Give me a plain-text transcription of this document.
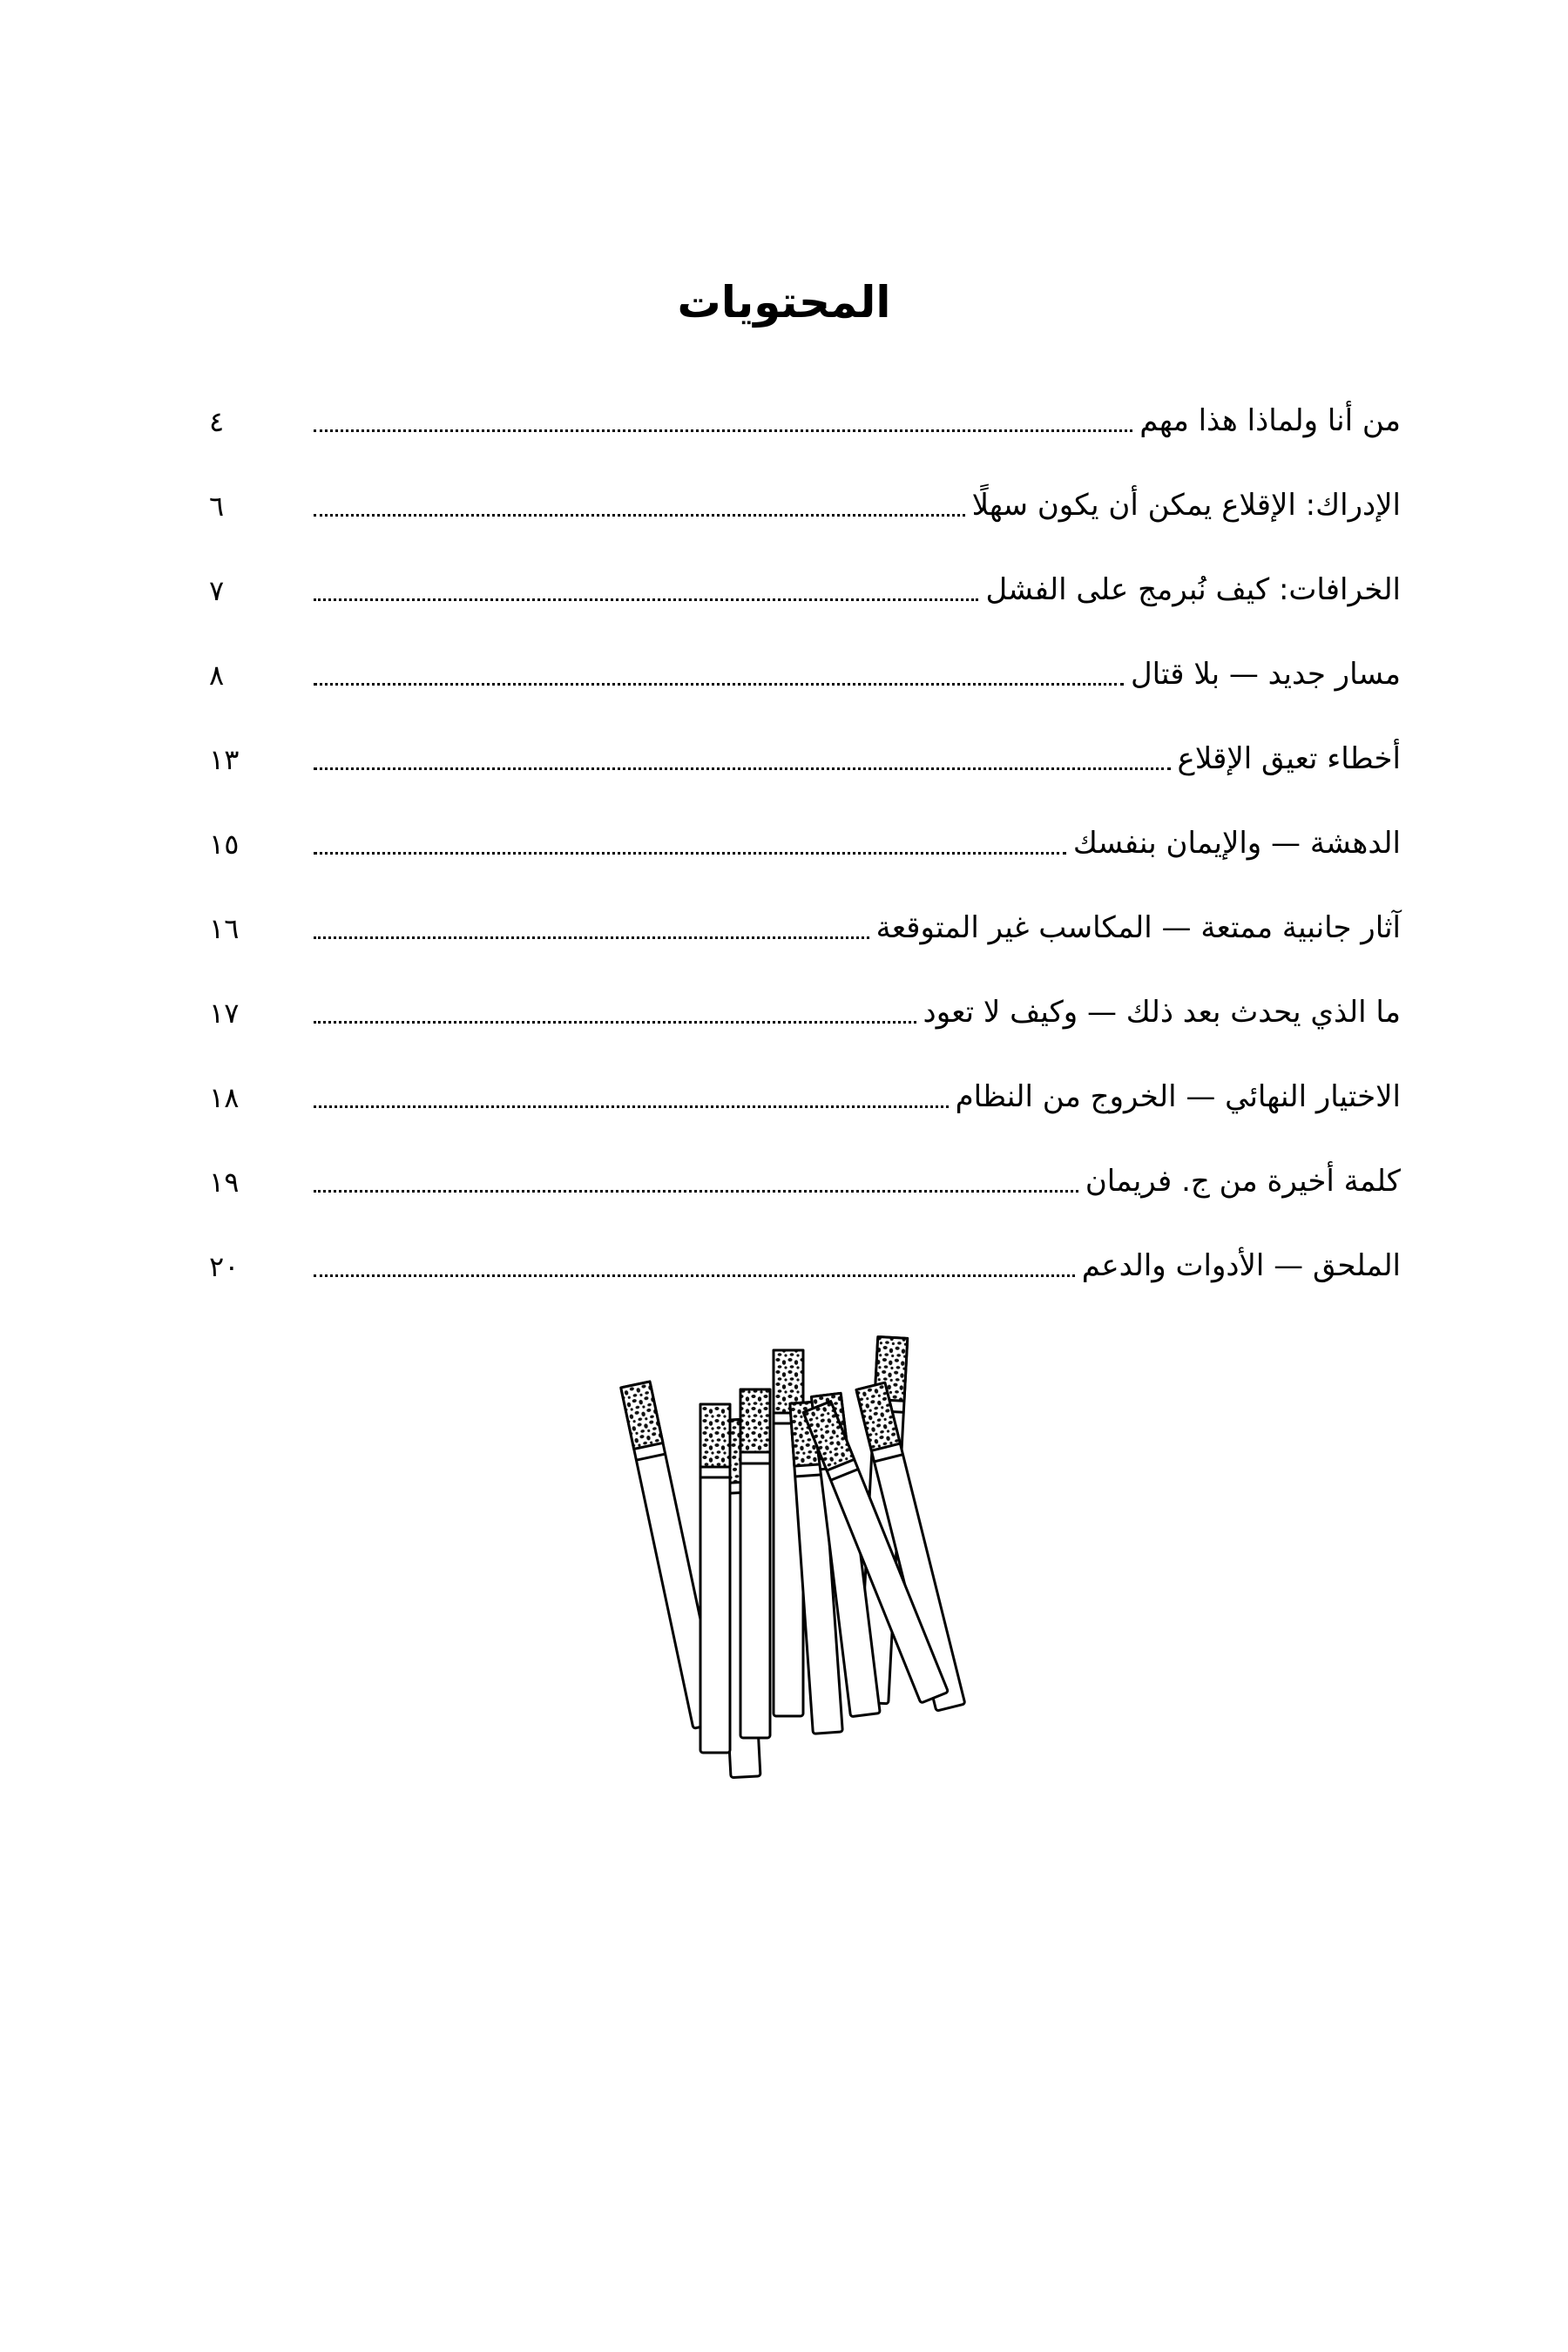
المحتويات
من أنا ولماذا هذا مهم
٤
الإدراك: الإقلاع يمكن أن يكون سهلًا
٦
الخرافات: كيف نُبرمج على الفشل
٧
مسار جديد — بلا قتال
٨
أخطاء تعيق الإقلاع
١٣
الدهشة — والإيمان بنفسك
١٥
آثار جانبية ممتعة — المكاسب غير المتوقعة
١٦
ما الذي يحدث بعد ذلك — وكيف لا تعود
١٧
الاختيار النهائي — الخروج من النظام
١٨
كلمة أخيرة من ج. فريمان
١٩
الملحق — الأدوات والدعم
٢٠
